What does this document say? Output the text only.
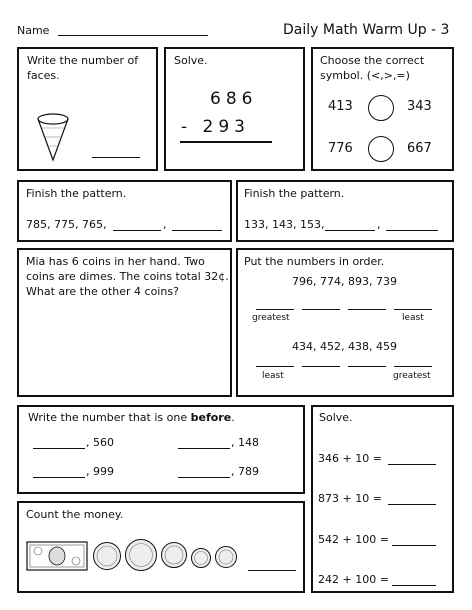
Name	Daily Math Warm Up - 3
Write the number of
faces.
Solve.
686
- 293
Choose the correct
symbol. (<,>,=)
413	343
776	667
Finish the pattern.
785, 775, 765,	,
Finish the pattern.
133, 143, 153,	,
Mia has 6 coins in her hand. Two
coins are dimes. The coins total 32¢.
What are the other 4 coins?
Put the numbers in order.
796, 774, 893, 739
greatest	least
434, 452, 438, 459
least	greatest
Write the number that is one before.
, 560	, 148
, 999	, 789
Count the money.
Solve.
346 + 10 =
873 + 10 =
542 + 100 =
242 + 100 =
